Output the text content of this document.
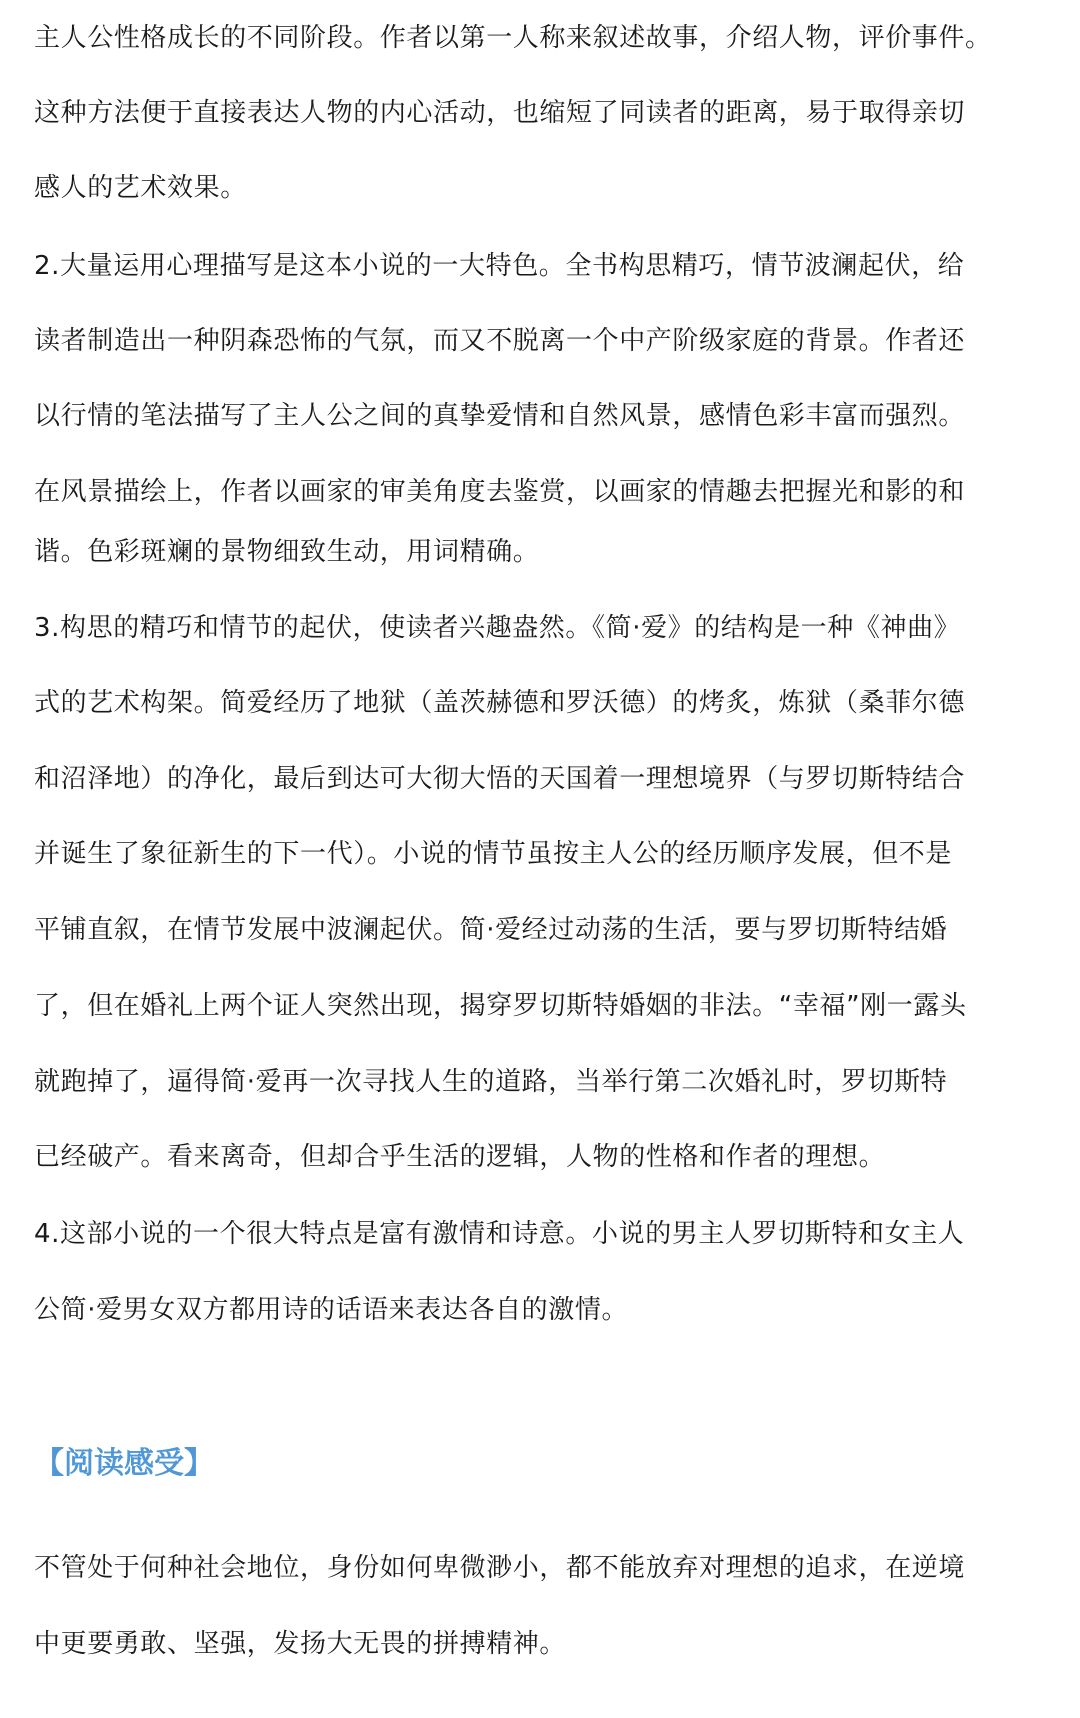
主人公性格成长的不同阶段。作者以第一人称来叙述故事，介绍人物，评价事件。
这种方法便于直接表达人物的内心活动，也缩短了同读者的距离，易于取得亲切
感人的艺术效果。
2.大量运用心理描写是这本小说的一大特色。全书构思精巧，情节波澜起伏，给
读者制造出一种阴森恐怖的气氛，而又不脱离一个中产阶级家庭的背景。作者还
以行情的笔法描写了主人公之间的真挚爱情和自然风景，感情色彩丰富而强烈。
在风景描绘上，作者以画家的审美角度去鉴赏，以画家的情趣去把握光和影的和
谐。色彩斑斓的景物细致生动，用词精确。
3.构思的精巧和情节的起伏，使读者兴趣盎然。《简·爱》的结构是一种《神曲》
式的艺术构架。简爱经历了地狱（盖茨赫德和罗沃德）的烤炙，炼狱（桑菲尔德
和沼泽地）的净化，最后到达可大彻大悟的天国着一理想境界（与罗切斯特结合
并诞生了象征新生的下一代）。小说的情节虽按主人公的经历顺序发展，但不是
平铺直叙，在情节发展中波澜起伏。简·爱经过动荡的生活，要与罗切斯特结婚
了，但在婚礼上两个证人突然出现，揭穿罗切斯特婚姻的非法。“幸福”刚一露头
就跑掉了，逼得简·爱再一次寻找人生的道路，当举行第二次婚礼时，罗切斯特
已经破产。看来离奇，但却合乎生活的逻辑，人物的性格和作者的理想。
4.这部小说的一个很大特点是富有激情和诗意。小说的男主人罗切斯特和女主人
公简·爱男女双方都用诗的话语来表达各自的激情。
【阅读感受】
不管处于何种社会地位，身份如何卑微渺小，都不能放弃对理想的追求，在逆境
中更要勇敢、坚强，发扬大无畏的拼搏精神。
